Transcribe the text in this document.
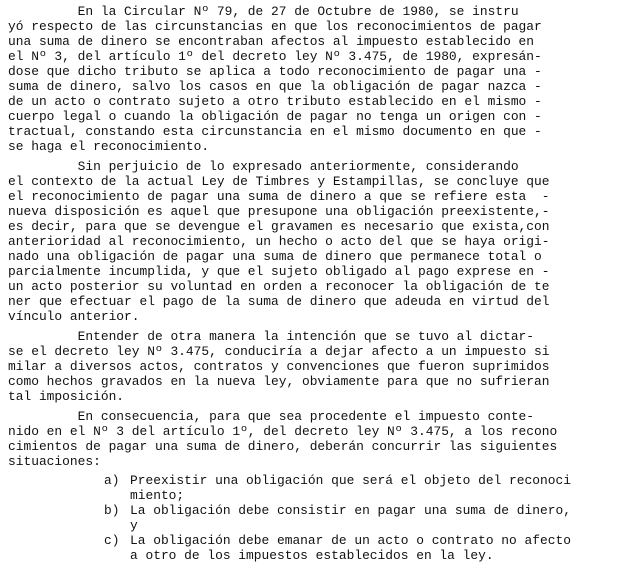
En la Circular Nº 79, de 27 de Octubre de 1980, se instru
yó respecto de las circunstancias en que los reconocimientos de pagar
una suma de dinero se encontraban afectos al impuesto establecido en
el Nº 3, del artículo 1º del decreto ley Nº 3.475, de 1980, expresán-
dose que dicho tributo se aplica a todo reconocimiento de pagar una -
suma de dinero, salvo los casos en que la obligación de pagar nazca -
de un acto o contrato sujeto a otro tributo establecido en el mismo -
cuerpo legal o cuando la obligación de pagar no tenga un origen con -
tractual, constando esta circunstancia en el mismo documento en que -
se haga el reconocimiento.
Sin perjuicio de lo expresado anteriormente, considerando
el contexto de la actual Ley de Timbres y Estampillas, se concluye que
el reconocimiento de pagar una suma de dinero a que se refiere esta  -
nueva disposición es aquel que presupone una obligación preexistente,-
es decir, para que se devengue el gravamen es necesario que exista,con
anterioridad al reconocimiento, un hecho o acto del que se haya origi-
nado una obligación de pagar una suma de dinero que permanece total o
parcialmente incumplida, y que el sujeto obligado al pago exprese en -
un acto posterior su voluntad en orden a reconocer la obligación de te
ner que efectuar el pago de la suma de dinero que adeuda en virtud del
vínculo anterior.
Entender de otra manera la intención que se tuvo al dictar-
se el decreto ley Nº 3.475, conduciría a dejar afecto a un impuesto si
milar a diversos actos, contratos y convenciones que fueron suprimidos
como hechos gravados en la nueva ley, obviamente para que no sufrieran
tal imposición.
En consecuencia, para que sea procedente el impuesto conte-
nido en el Nº 3 del artículo 1º, del decreto ley Nº 3.475, a los recono
cimientos de pagar una suma de dinero, deberán concurrir las siguientes
situaciones:
a) Preexistir una obligación que será el objeto del reconoci
miento;
b) La obligación debe consistir en pagar una suma de dinero,
y
c) La obligación debe emanar de un acto o contrato no afecto
a otro de los impuestos establecidos en la ley.
